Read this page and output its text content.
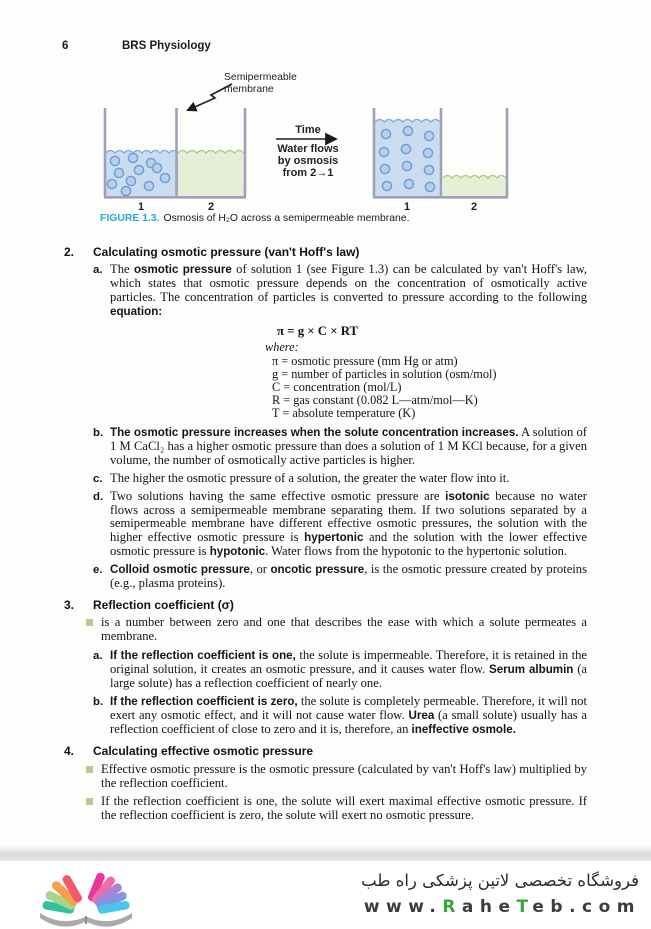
6	BRS Physiology
Semipermeable
membrane
Time
Water flows
by osmosis
from 2→1
1	2	1	2
FIGURE 1.3. Osmosis of H₂O across a semipermeable membrane.
2. Calculating osmotic pressure (van't Hoff's law)
a. The osmotic pressure of solution 1 (see Figure 1.3) can be calculated by van't Hoff's law, which states that osmotic pressure depends on the concentration of osmotically active particles. The concentration of particles is converted to pressure according to the following equation:
π = g × C × RT
where:
π = osmotic pressure (mm Hg or atm)
g = number of particles in solution (osm/mol)
C = concentration (mol/L)
R = gas constant (0.082 L—atm/mol—K)
T = absolute temperature (K)
b. The osmotic pressure increases when the solute concentration increases. A solution of 1 M CaCl₂ has a higher osmotic pressure than does a solution of 1 M KCl because, for a given volume, the number of osmotically active particles is higher.
c. The higher the osmotic pressure of a solution, the greater the water flow into it.
d. Two solutions having the same effective osmotic pressure are isotonic because no water flows across a semipermeable membrane separating them. If two solutions separated by a semipermeable membrane have different effective osmotic pressures, the solution with the higher effective osmotic pressure is hypertonic and the solution with the lower effective osmotic pressure is hypotonic. Water flows from the hypotonic to the hypertonic solution.
e. Colloid osmotic pressure, or oncotic pressure, is the osmotic pressure created by proteins (e.g., plasma proteins).
3. Reflection coefficient (σ)
is a number between zero and one that describes the ease with which a solute permeates a membrane.
a. If the reflection coefficient is one, the solute is impermeable. Therefore, it is retained in the original solution, it creates an osmotic pressure, and it causes water flow. Serum albumin (a large solute) has a reflection coefficient of nearly one.
b. If the reflection coefficient is zero, the solute is completely permeable. Therefore, it will not exert any osmotic effect, and it will not cause water flow. Urea (a small solute) usually has a reflection coefficient of close to zero and it is, therefore, an ineffective osmole.
4. Calculating effective osmotic pressure
Effective osmotic pressure is the osmotic pressure (calculated by van't Hoff's law) multiplied by the reflection coefficient.
If the reflection coefficient is one, the solute will exert maximal effective osmotic pressure. If the reflection coefficient is zero, the solute will exert no osmotic pressure.
فروشگاه تخصصی لاتین پزشکی راه طب
www.RaheTeb.com
